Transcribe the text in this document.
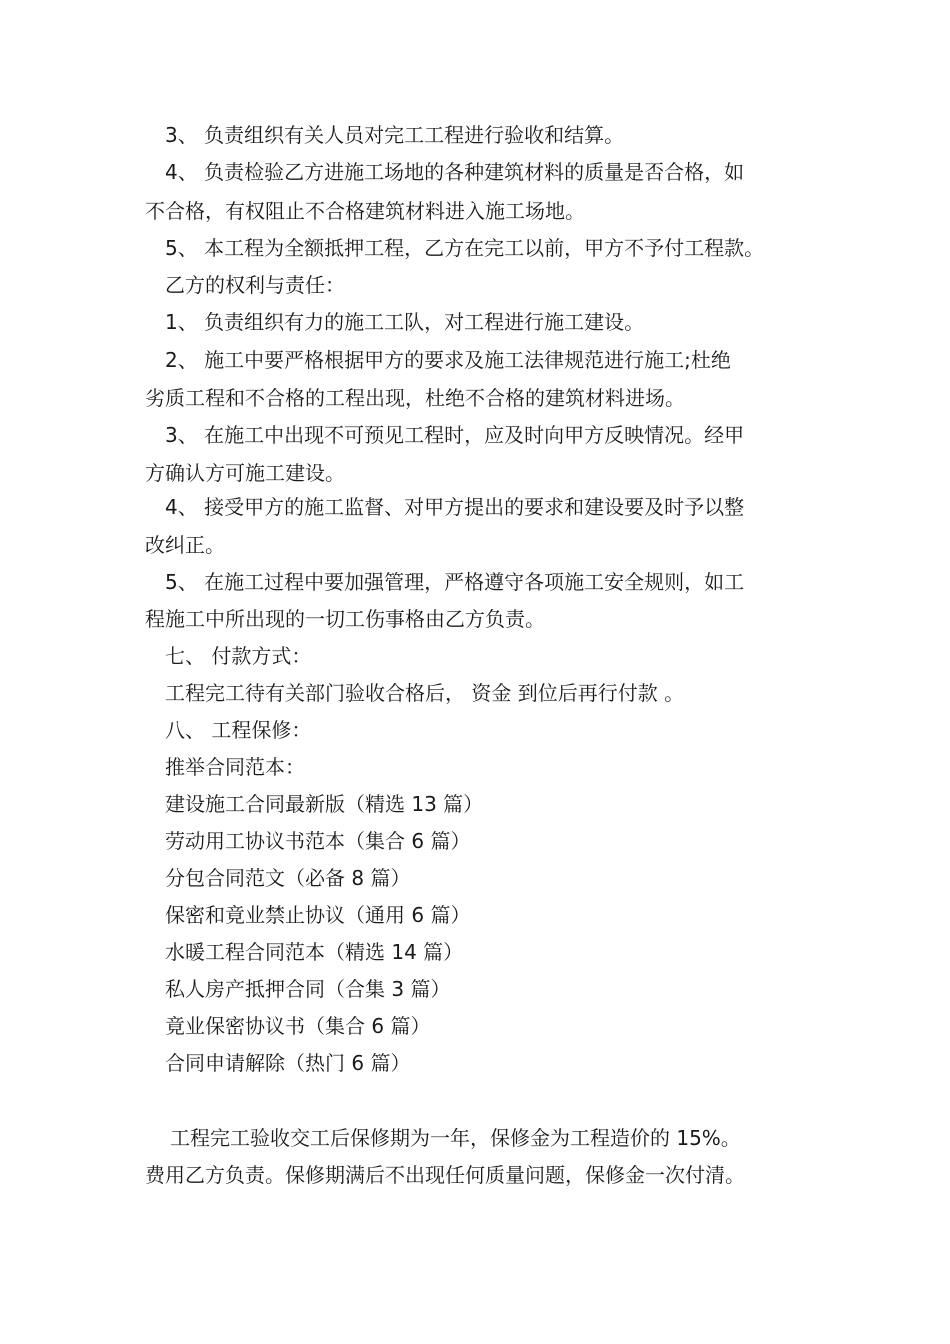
3、 负责组织有关人员对完工工程进行验收和结算。
4、 负责检验乙方进施工场地的各种建筑材料的质量是否合格，如
不合格，有权阻止不合格建筑材料进入施工场地。
5、 本工程为全额抵押工程，乙方在完工以前，甲方不予付工程款。
乙方的权利与责任：
1、 负责组织有力的施工工队，对工程进行施工建设。
2、 施工中要严格根据甲方的要求及施工法律规范进行施工;杜绝
劣质工程和不合格的工程出现，杜绝不合格的建筑材料进场。
3、 在施工中出现不可预见工程时，应及时向甲方反映情况。经甲
方确认方可施工建设。
4、 接受甲方的施工监督、对甲方提出的要求和建设要及时予以整
改纠正。
5、 在施工过程中要加强管理，严格遵守各项施工安全规则，如工
程施工中所出现的一切工伤事格由乙方负责。
七、 付款方式：
工程完工待有关部门验收合格后， 资金 到位后再行付款 。
八、 工程保修：
推举合同范本：
建设施工合同最新版（精选 13 篇）
劳动用工协议书范本（集合 6 篇）
分包合同范文（必备 8 篇）
保密和竟业禁止协议（通用 6 篇）
水暖工程合同范本（精选 14 篇）
私人房产抵押合同（合集 3 篇）
竟业保密协议书（集合 6 篇）
合同申请解除（热门 6 篇）
工程完工验收交工后保修期为一年，保修金为工程造价的 15%。
费用乙方负责。保修期满后不出现任何质量问题，保修金一次付清。
